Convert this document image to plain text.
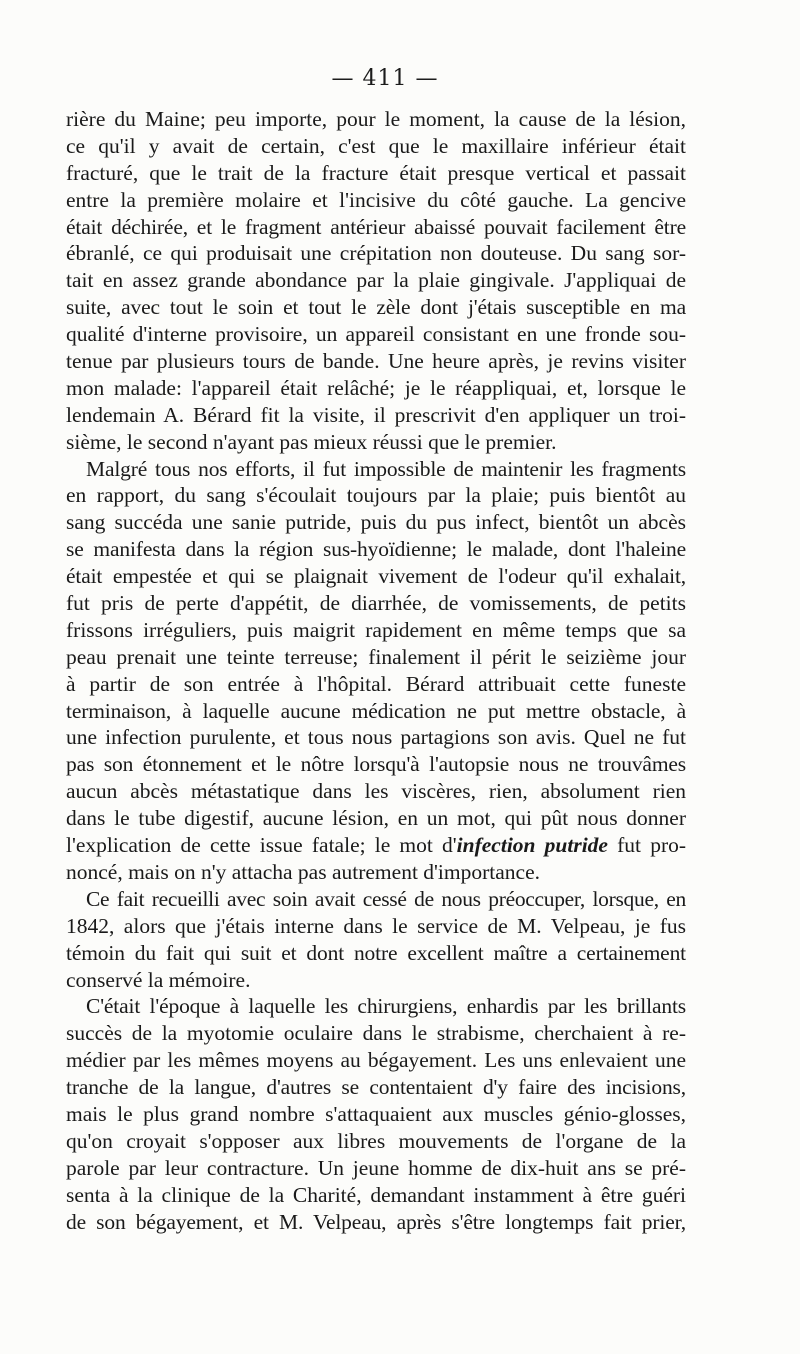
— 411 —
rière du Maine; peu importe, pour le moment, la cause de la lésion,
ce qu'il y avait de certain, c'est que le maxillaire inférieur était
fracturé, que le trait de la fracture était presque vertical et passait
entre la première molaire et l'incisive du côté gauche. La gencive
était déchirée, et le fragment antérieur abaissé pouvait facilement être
ébranlé, ce qui produisait une crépitation non douteuse. Du sang sor-
tait en assez grande abondance par la plaie gingivale. J'appliquai de
suite, avec tout le soin et tout le zèle dont j'étais susceptible en ma
qualité d'interne provisoire, un appareil consistant en une fronde sou-
tenue par plusieurs tours de bande. Une heure après, je revins visiter
mon malade: l'appareil était relâché; je le réappliquai, et, lorsque le
lendemain A. Bérard fit la visite, il prescrivit d'en appliquer un troi-
sième, le second n'ayant pas mieux réussi que le premier.
Malgré tous nos efforts, il fut impossible de maintenir les fragments
en rapport, du sang s'écoulait toujours par la plaie; puis bientôt au
sang succéda une sanie putride, puis du pus infect, bientôt un abcès
se manifesta dans la région sus-hyoïdienne; le malade, dont l'haleine
était empestée et qui se plaignait vivement de l'odeur qu'il exhalait,
fut pris de perte d'appétit, de diarrhée, de vomissements, de petits
frissons irréguliers, puis maigrit rapidement en même temps que sa
peau prenait une teinte terreuse; finalement il périt le seizième jour
à partir de son entrée à l'hôpital. Bérard attribuait cette funeste
terminaison, à laquelle aucune médication ne put mettre obstacle, à
une infection purulente, et tous nous partagions son avis. Quel ne fut
pas son étonnement et le nôtre lorsqu'à l'autopsie nous ne trouvâmes
aucun abcès métastatique dans les viscères, rien, absolument rien
dans le tube digestif, aucune lésion, en un mot, qui pût nous donner
l'explication de cette issue fatale; le mot d'infection putride fut pro-
noncé, mais on n'y attacha pas autrement d'importance.
Ce fait recueilli avec soin avait cessé de nous préoccuper, lorsque, en
1842, alors que j'étais interne dans le service de M. Velpeau, je fus
témoin du fait qui suit et dont notre excellent maître a certainement
conservé la mémoire.
C'était l'époque à laquelle les chirurgiens, enhardis par les brillants
succès de la myotomie oculaire dans le strabisme, cherchaient à re-
médier par les mêmes moyens au bégayement. Les uns enlevaient une
tranche de la langue, d'autres se contentaient d'y faire des incisions,
mais le plus grand nombre s'attaquaient aux muscles génio-glosses,
qu'on croyait s'opposer aux libres mouvements de l'organe de la
parole par leur contracture. Un jeune homme de dix-huit ans se pré-
senta à la clinique de la Charité, demandant instamment à être guéri
de son bégayement, et M. Velpeau, après s'être longtemps fait prier,
